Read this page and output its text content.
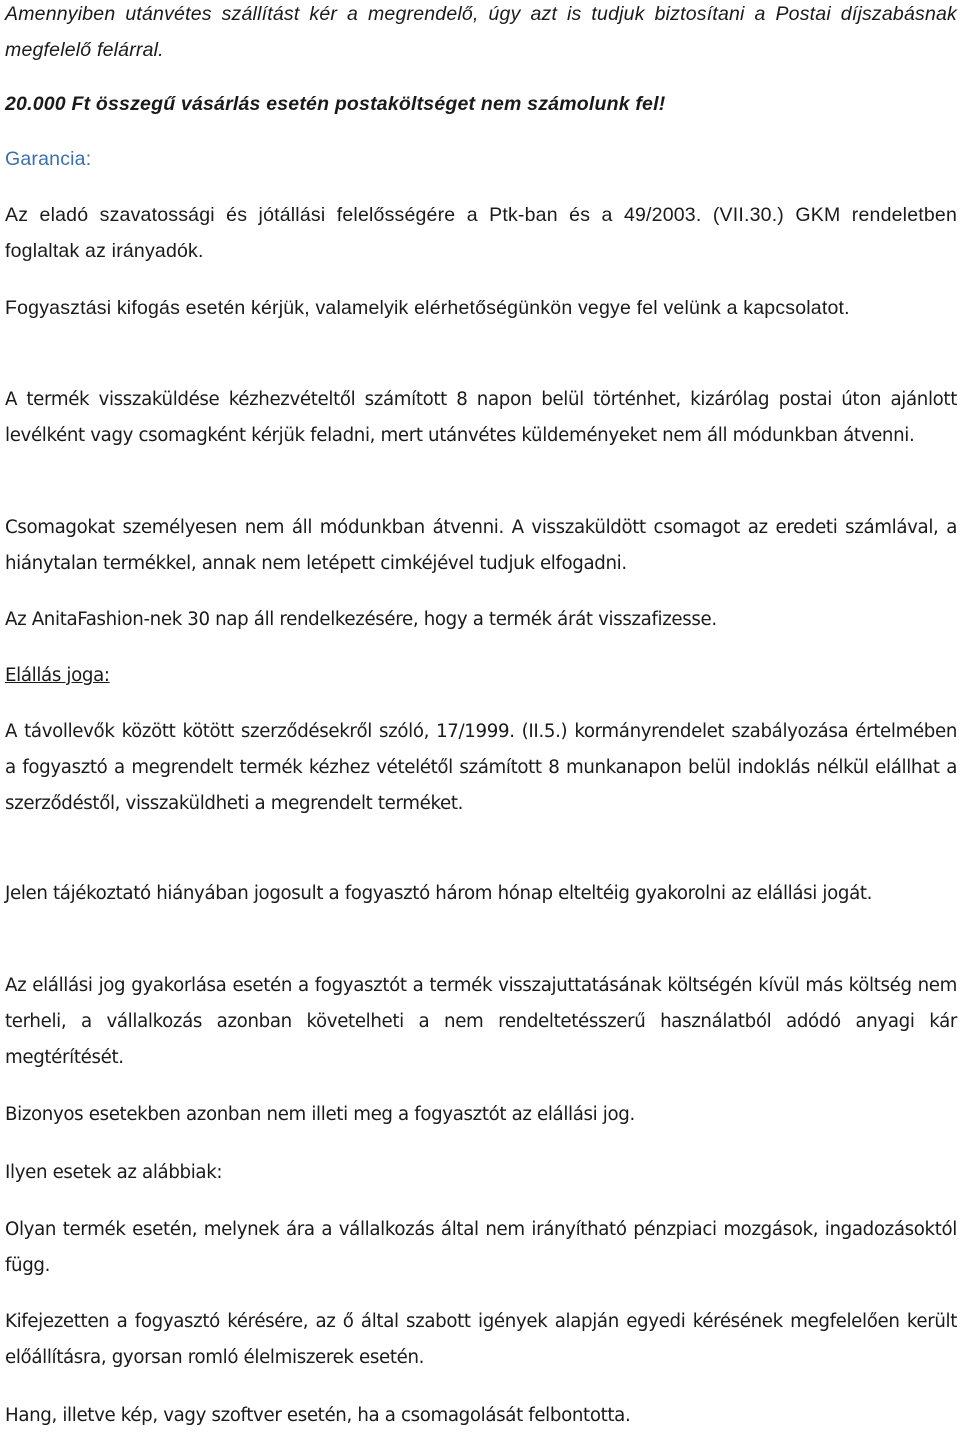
Amennyiben utánvétes szállítást kér a megrendelő, úgy azt is tudjuk biztosítani a Postai díjszabásnak megfelelő felárral.

20.000 Ft összegű vásárlás esetén postaköltséget nem számolunk fel!

Garancia:

Az eladó szavatossági és jótállási felelősségére a Ptk-ban és a 49/2003. (VII.30.) GKM rendeletben foglaltak az irányadók.

Fogyasztási kifogás esetén kérjük, valamelyik elérhetőségünkön vegye fel velünk a kapcsolatot.

A termék visszaküldése kézhezvételtől számított 8 napon belül történhet, kizárólag postai úton ajánlott levélként vagy csomagként kérjük feladni, mert utánvétes küldeményeket nem áll módunkban átvenni.

Csomagokat személyesen nem áll módunkban átvenni. A visszaküldött csomagot az eredeti számlával, a hiánytalan termékkel, annak nem letépett cimkéjével tudjuk elfogadni.

Az AnitaFashion-nek 30 nap áll rendelkezésére, hogy a termék árát visszafizesse.

Elállás joga:

A távollevők között kötött szerződésekről szóló, 17/1999. (II.5.) kormányrendelet szabályozása értelmében a fogyasztó a megrendelt termék kézhez vételétől számított 8 munkanapon belül indoklás nélkül elállhat a szerződéstől, visszaküldheti a megrendelt terméket.

Jelen tájékoztató hiányában jogosult a fogyasztó három hónap elteltéig gyakorolni az elállási jogát.

Az elállási jog gyakorlása esetén a fogyasztót a termék visszajuttatásának költségén kívül más költség nem terheli, a vállalkozás azonban követelheti a nem rendeltetésszerű használatból adódó anyagi kár megtérítését.

Bizonyos esetekben azonban nem illeti meg a fogyasztót az elállási jog.

Ilyen esetek az alábbiak:

Olyan termék esetén, melynek ára a vállalkozás által nem irányítható pénzpiaci mozgások, ingadozásoktól függ.

Kifejezetten a fogyasztó kérésére, az ő által szabott igények alapján egyedi kérésének megfelelően került előállításra, gyorsan romló élelmiszerek esetén.

Hang, illetve kép, vagy szoftver esetén, ha a csomagolását felbontotta.
